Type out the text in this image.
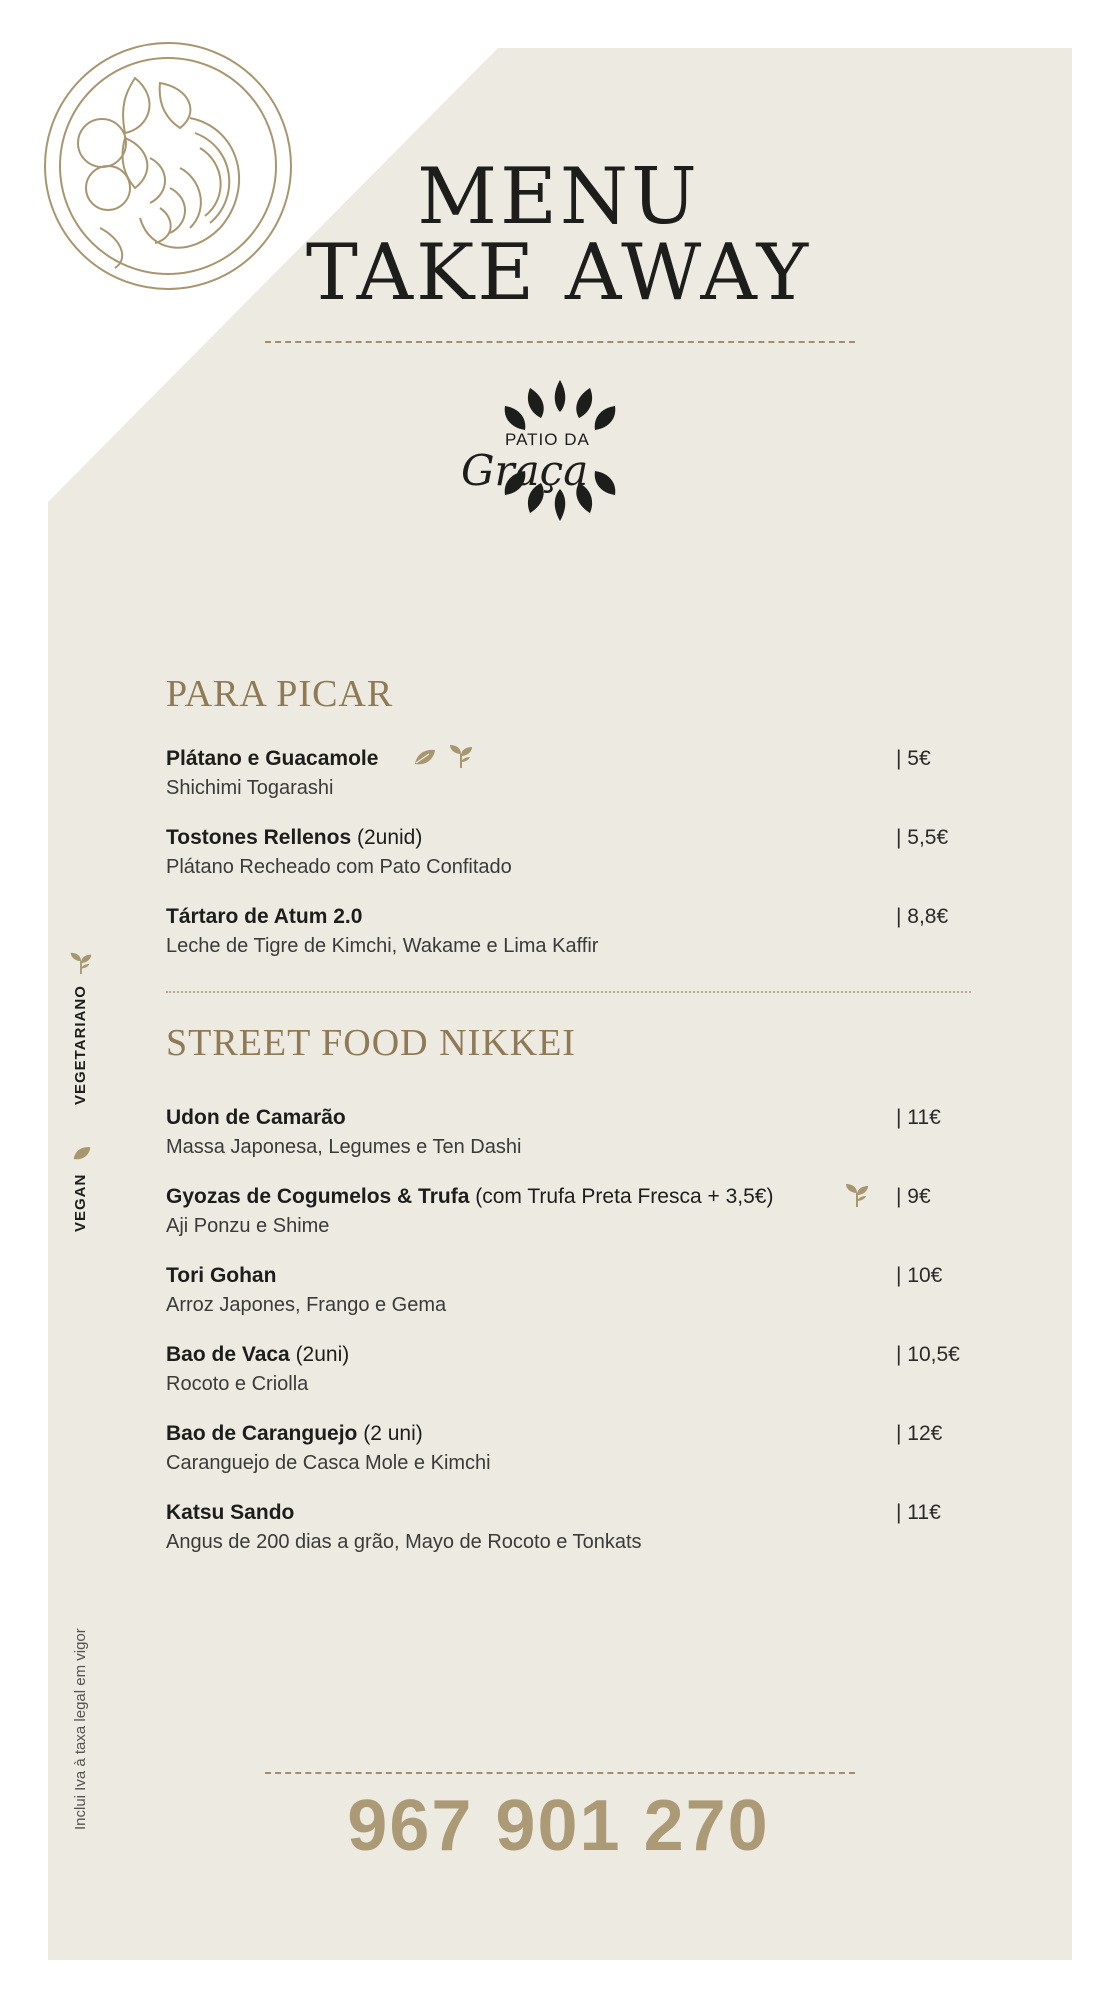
MENU
TAKE AWAY
PATIO DA
Graça
PARA PICAR
Plátano e Guacamole
Shichimi Togarashi
| 5€
Tostones Rellenos (2unid)
Plátano Recheado com Pato Confitado
| 5,5€
Tártaro de Atum 2.0
Leche de Tigre de Kimchi, Wakame e Lima Kaffir
| 8,8€
STREET FOOD NIKKEI
Udon de Camarão
Massa Japonesa, Legumes e Ten Dashi
| 11€
Gyozas de Cogumelos & Trufa (com Trufa Preta Fresca + 3,5€)
Aji Ponzu e Shime
| 9€
Tori Gohan
Arroz Japones, Frango e Gema
| 10€
Bao de Vaca (2uni)
Rocoto e Criolla
| 10,5€
Bao de Caranguejo (2 uni)
Caranguejo de Casca Mole e Kimchi
| 12€
Katsu Sando
Angus de 200 dias a grão, Mayo de Rocoto e Tonkats
| 11€
VEGETARIANO
VEGAN
Inclui Iva à taxa legal em vigor	967 901 270
